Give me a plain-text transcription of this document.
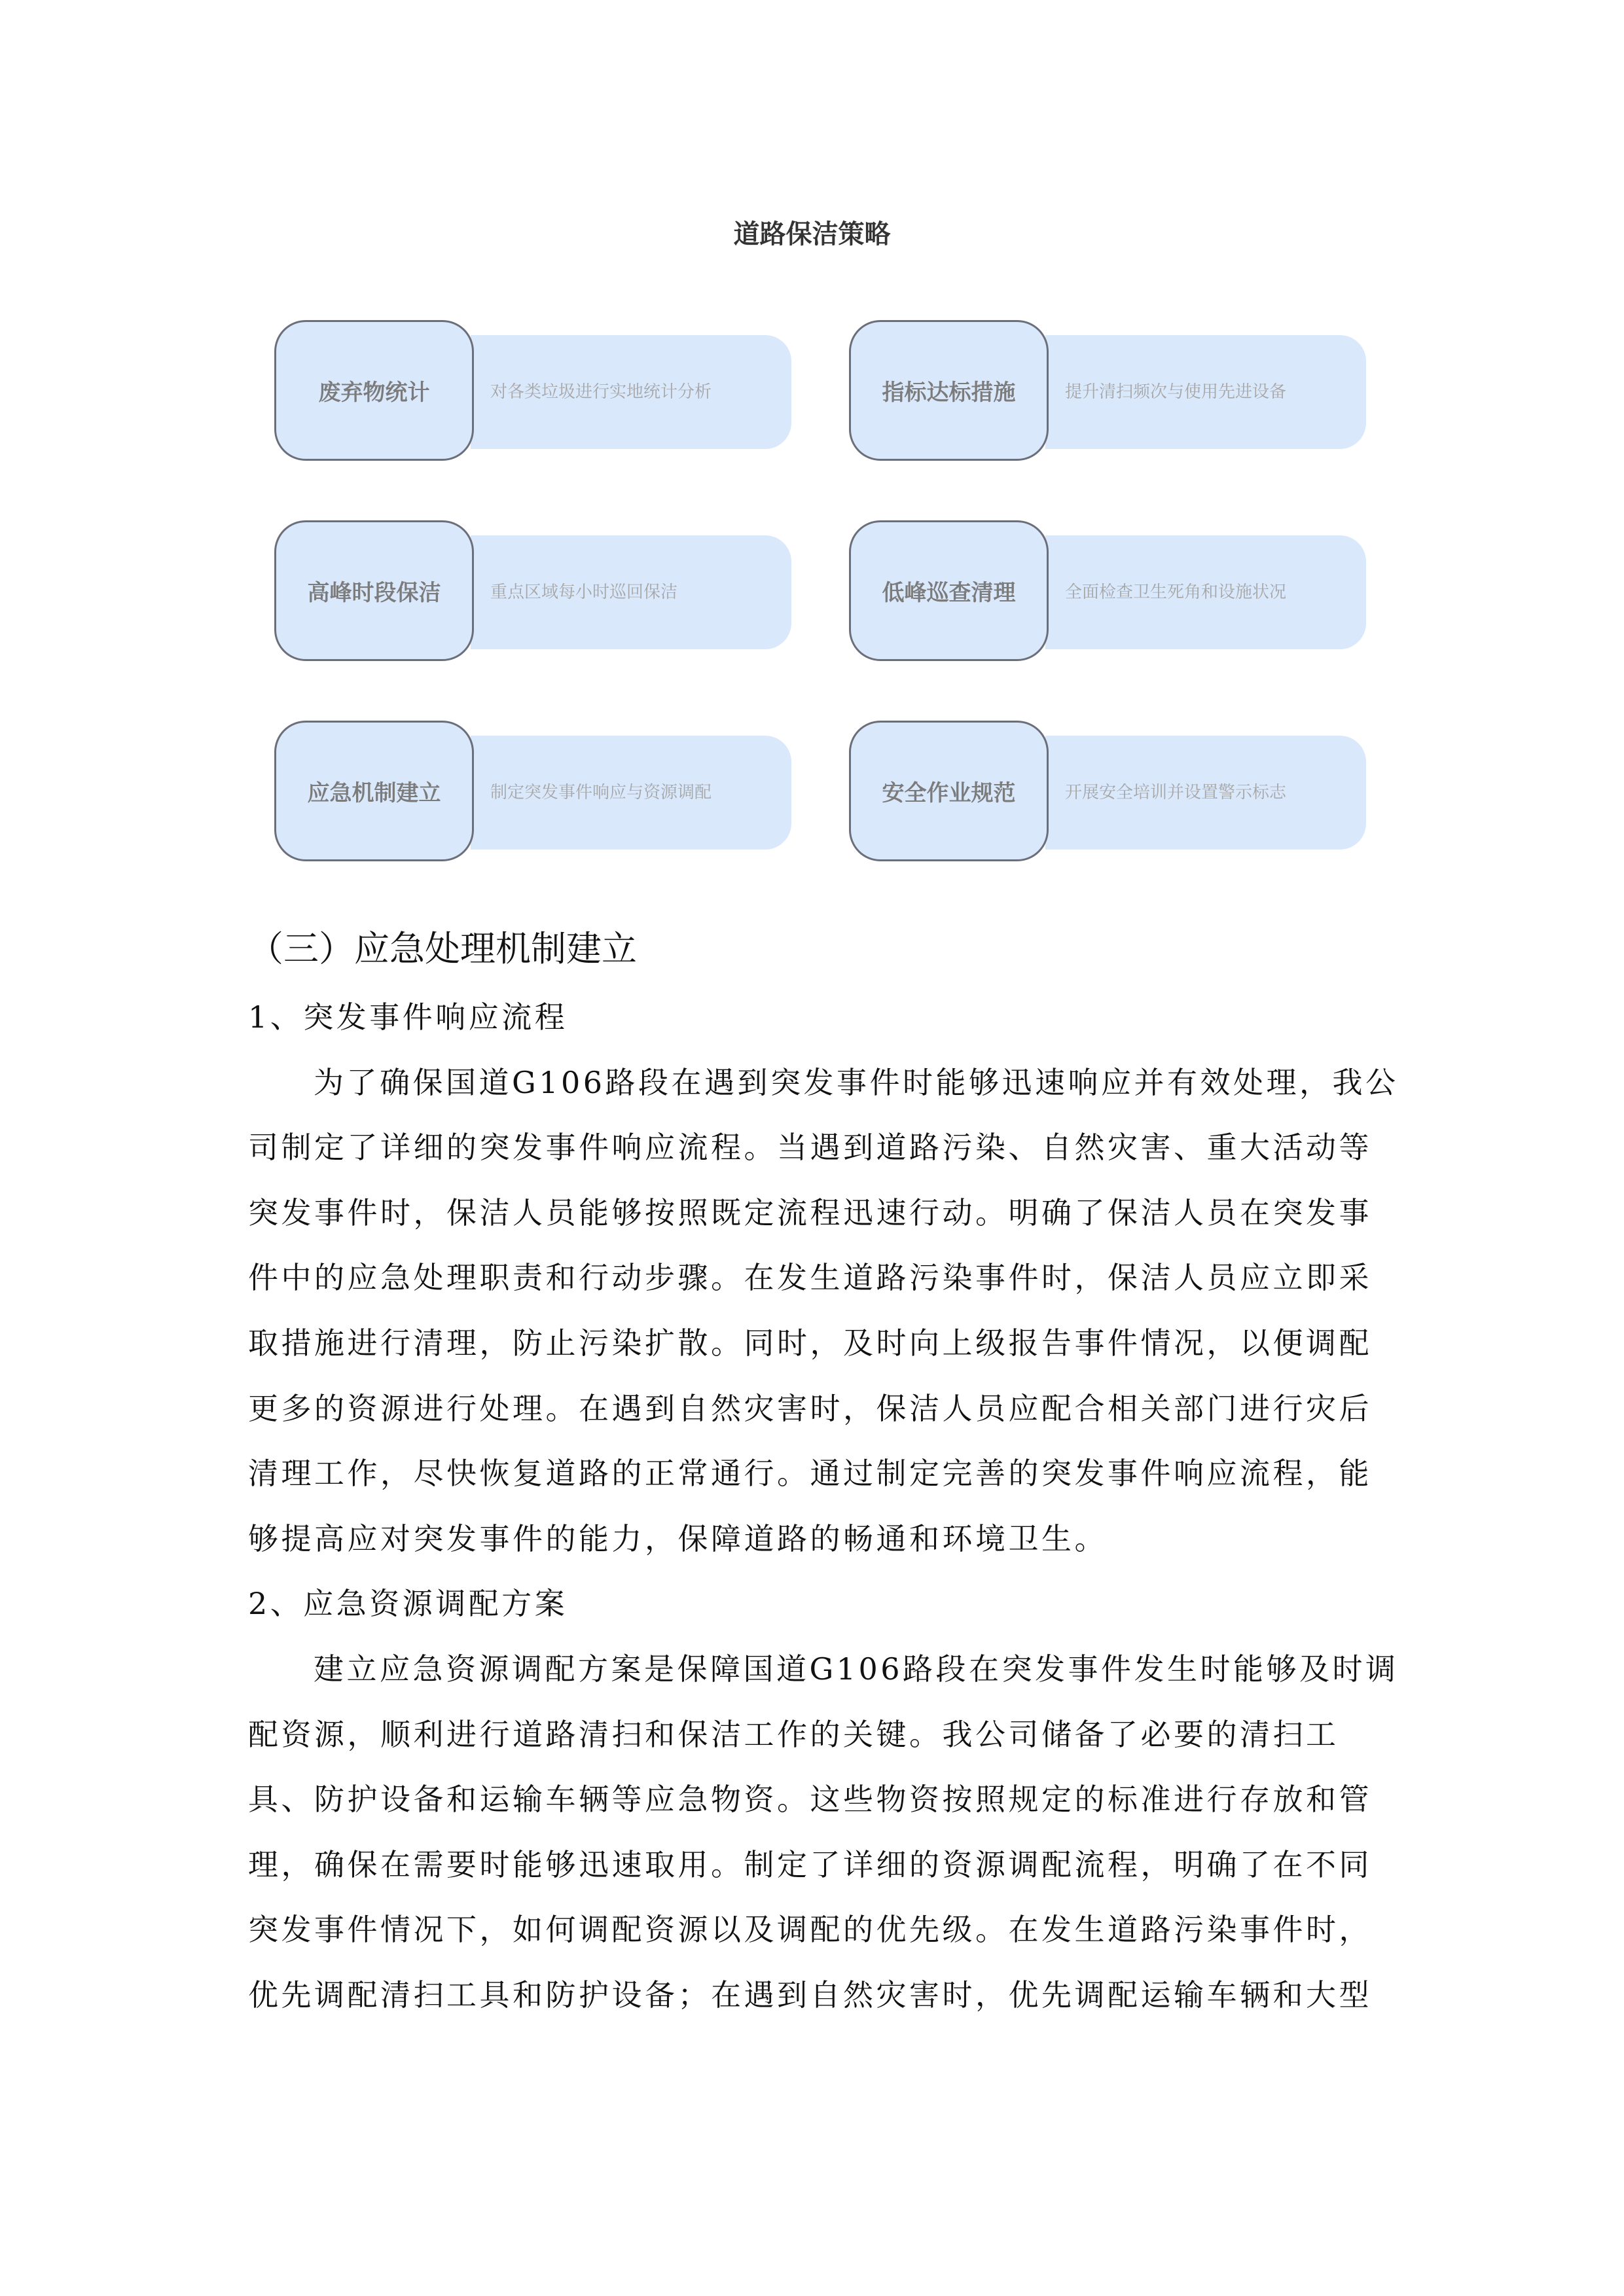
道路保洁策略
废弃物统计	对各类垃圾进行实地统计分析	指标达标措施	提升清扫频次与使用先进设备
高峰时段保洁	重点区域每小时巡回保洁	低峰巡查清理	全面检查卫生死角和设施状况
应急机制建立	制定突发事件响应与资源调配	安全作业规范	开展安全培训并设置警示标志
（三）应急处理机制建立
1、突发事件响应流程
为了确保国道G106路段在遇到突发事件时能够迅速响应并有效处理，我公
司制定了详细的突发事件响应流程。当遇到道路污染、自然灾害、重大活动等
突发事件时，保洁人员能够按照既定流程迅速行动。明确了保洁人员在突发事
件中的应急处理职责和行动步骤。在发生道路污染事件时，保洁人员应立即采
取措施进行清理，防止污染扩散。同时，及时向上级报告事件情况，以便调配
更多的资源进行处理。在遇到自然灾害时，保洁人员应配合相关部门进行灾后
清理工作，尽快恢复道路的正常通行。通过制定完善的突发事件响应流程，能
够提高应对突发事件的能力，保障道路的畅通和环境卫生。
2、应急资源调配方案
建立应急资源调配方案是保障国道G106路段在突发事件发生时能够及时调
配资源，顺利进行道路清扫和保洁工作的关键。我公司储备了必要的清扫工
具、防护设备和运输车辆等应急物资。这些物资按照规定的标准进行存放和管
理，确保在需要时能够迅速取用。制定了详细的资源调配流程，明确了在不同
突发事件情况下，如何调配资源以及调配的优先级。在发生道路污染事件时，
优先调配清扫工具和防护设备；在遇到自然灾害时，优先调配运输车辆和大型
